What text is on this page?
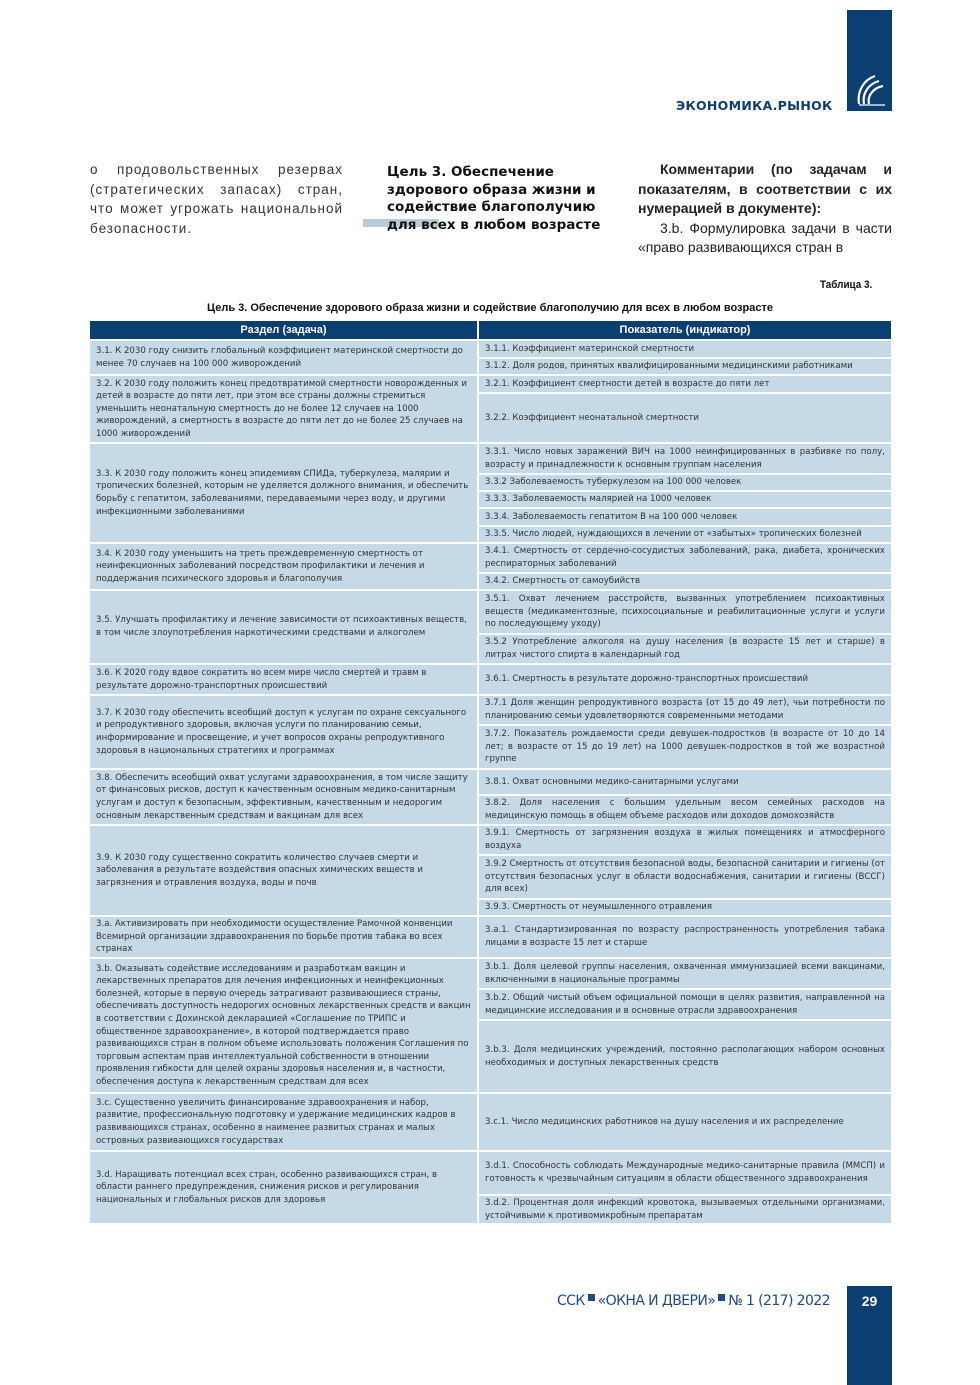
ЭКОНОМИКА.РЫНОК
о продовольственных резервах (стратегических запасах) стран, что может угрожать национальной безопасности.
Цель 3. Обеспечение здорового образа жизни и содействие благополучию для всех в любом возрасте

Комментарии (по задачам и показателям, в соответствии с их нумерацией в документе):

3.b. Формулировка задачи в части «право развивающихся стран в

Таблица 3.
Цель 3. Обеспечение здорового образа жизни и содействие благополучию для всех в любом возрасте
Раздел (задача)	Показатель (индикатор)
3.1. К 2030 году снизить глобальный коэффициент материнской смертности до менее 70 случаев на 100 000 живорождений	3.1.1. Коэффициент материнской смертности
	3.1.2. Доля родов, принятых квалифицированными медицинскими работниками
3.2. К 2030 году положить конец предотвратимой смертности новорожденных и детей в возрасте до пяти лет, при этом все страны должны стремиться уменьшить неонатальную смертность до не более 12 случаев на 1000 живорождений, а смертность в возрасте до пяти лет до не более 25 случаев на 1000 живорождений	3.2.1. Коэффициент смертности детей в возрасте до пяти лет
	3.2.2. Коэффициент неонатальной смертности
3.3. К 2030 году положить конец эпидемиям СПИДа, туберкулеза, малярии и тропических болезней, которым не уделяется должного внимания, и обеспечить борьбу с гепатитом, заболеваниями, передаваемыми через воду, и другими инфекционными заболеваниями	3.3.1. Число новых заражений ВИЧ на 1000 неинфицированных в разбивке по полу, возрасту и принадлежности к основным группам населения
	3.3.2 Заболеваемость туберкулезом на 100 000 человек
	3.3.3. Заболеваемость малярией на 1000 человек
	3.3.4. Заболеваемость гепатитом В на 100 000 человек
	3.3.5. Число людей, нуждающихся в лечении от «забытых» тропических болезней
3.4. К 2030 году уменьшить на треть преждевременную смертность от неинфекционных заболеваний посредством профилактики и лечения и поддержания психического здоровья и благополучия	3.4.1. Смертность от сердечно-сосудистых заболеваний, рака, диабета, хронических респираторных заболеваний
	3.4.2. Смертность от самоубийств
3.5. Улучшать профилактику и лечение зависимости от психоактивных веществ, в том числе злоупотребления наркотическими средствами и алкоголем	3.5.1. Охват лечением расстройств, вызванных употреблением психоактивных веществ (медикаментозные, психосоциальные и реабилитационные услуги и услуги по последующему уходу)
	3.5.2 Употребление алкоголя на душу населения (в возрасте 15 лет и старше) в литрах чистого спирта в календарный год
3.6. К 2020 году вдвое сократить во всем мире число смертей и травм в результате дорожно-транспортных происшествий	3.6.1. Смертность в результате дорожно-транспортных происшествий
3.7. К 2030 году обеспечить всеобщий доступ к услугам по охране сексуального и репродуктивного здоровья, включая услуги по планированию семьи, информирование и просвещение, и учет вопросов охраны репродуктивного здоровья в национальных стратегиях и программах	3.7.1 Доля женщин репродуктивного возраста (от 15 до 49 лет), чьи потребности по планированию семьи удовлетворяются современными методами
	3.7.2. Показатель рождаемости среди девушек-подростков (в возрасте от 10 до 14 лет; в возрасте от 15 до 19 лет) на 1000 девушек-подростков в той же возрастной группе
3.8. Обеспечить всеобщий охват услугами здравоохранения, в том числе защиту от финансовых рисков, доступ к качественным основным медико-санитарным услугам и доступ к безопасным, эффективным, качественным и недорогим основным лекарственным средствам и вакцинам для всех	3.8.1. Охват основными медико-санитарными услугами
	3.8.2. Доля населения с большим удельным весом семейных расходов на медицинскую помощь в общем объеме расходов или доходов домохозяйств
3.9. К 2030 году существенно сократить количество случаев смерти и заболевания в результате воздействия опасных химических веществ и загрязнения и отравления воздуха, воды и почв	3.9.1. Смертность от загрязнения воздуха в жилых помещениях и атмосферного воздуха
	3.9.2 Смертность от отсутствия безопасной воды, безопасной санитарии и гигиены (от отсутствия безопасных услуг в области водоснабжения, санитарии и гигиены (ВССГ) для всех)
	3.9.3. Смертность от неумышленного отравления
3.a. Активизировать при необходимости осуществление Рамочной конвенции Всемирной организации здравоохранения по борьбе против табака во всех странах	3.a.1. Стандартизированная по возрасту распространенность употребления табака лицами в возрасте 15 лет и старше
3.b. Оказывать содействие исследованиям и разработкам вакцин и лекарственных препаратов для лечения инфекционных и неинфекционных болезней, которые в первую очередь затрагивают развивающиеся страны, обеспечивать доступность недорогих основных лекарственных средств и вакцин в соответствии с Дохинской декларацией «Соглашение по ТРИПС и общественное здравоохранение», в которой подтверждается право развивающихся стран в полном объеме использовать положения Соглашения по торговым аспектам прав интеллектуальной собственности в отношении проявления гибкости для целей охраны здоровья населения и, в частности, обеспечения доступа к лекарственным средствам для всех	3.b.1. Доля целевой группы населения, охваченная иммунизацией всеми вакцинами, включенными в национальные программы
	3.b.2. Общий чистый объем официальной помощи в целях развития, направленной на медицинские исследования и в основные отрасли здравоохранения
	3.b.3. Доля медицинских учреждений, постоянно располагающих набором основных необходимых и доступных лекарственных средств
3.c. Существенно увеличить финансирование здравоохранения и набор, развитие, профессиональную подготовку и удержание медицинских кадров в развивающихся странах, особенно в наименее развитых странах и малых островных развивающихся государствах	3.c.1. Число медицинских работников на душу населения и их распределение
3.d. Наращивать потенциал всех стран, особенно развивающихся стран, в области раннего предупреждения, снижения рисков и регулирования национальных и глобальных рисков для здоровья	3.d.1. Способность соблюдать Международные медико-санитарные правила (ММСП) и готовность к чрезвычайным ситуациям в области общественного здравоохранения
	3.d.2. Процентная доля инфекций кровотока, вызываемых отдельными организмами, устойчивыми к противомикробным препаратам
ССК «ОКНА И ДВЕРИ» № 1 (217) 2022	29
